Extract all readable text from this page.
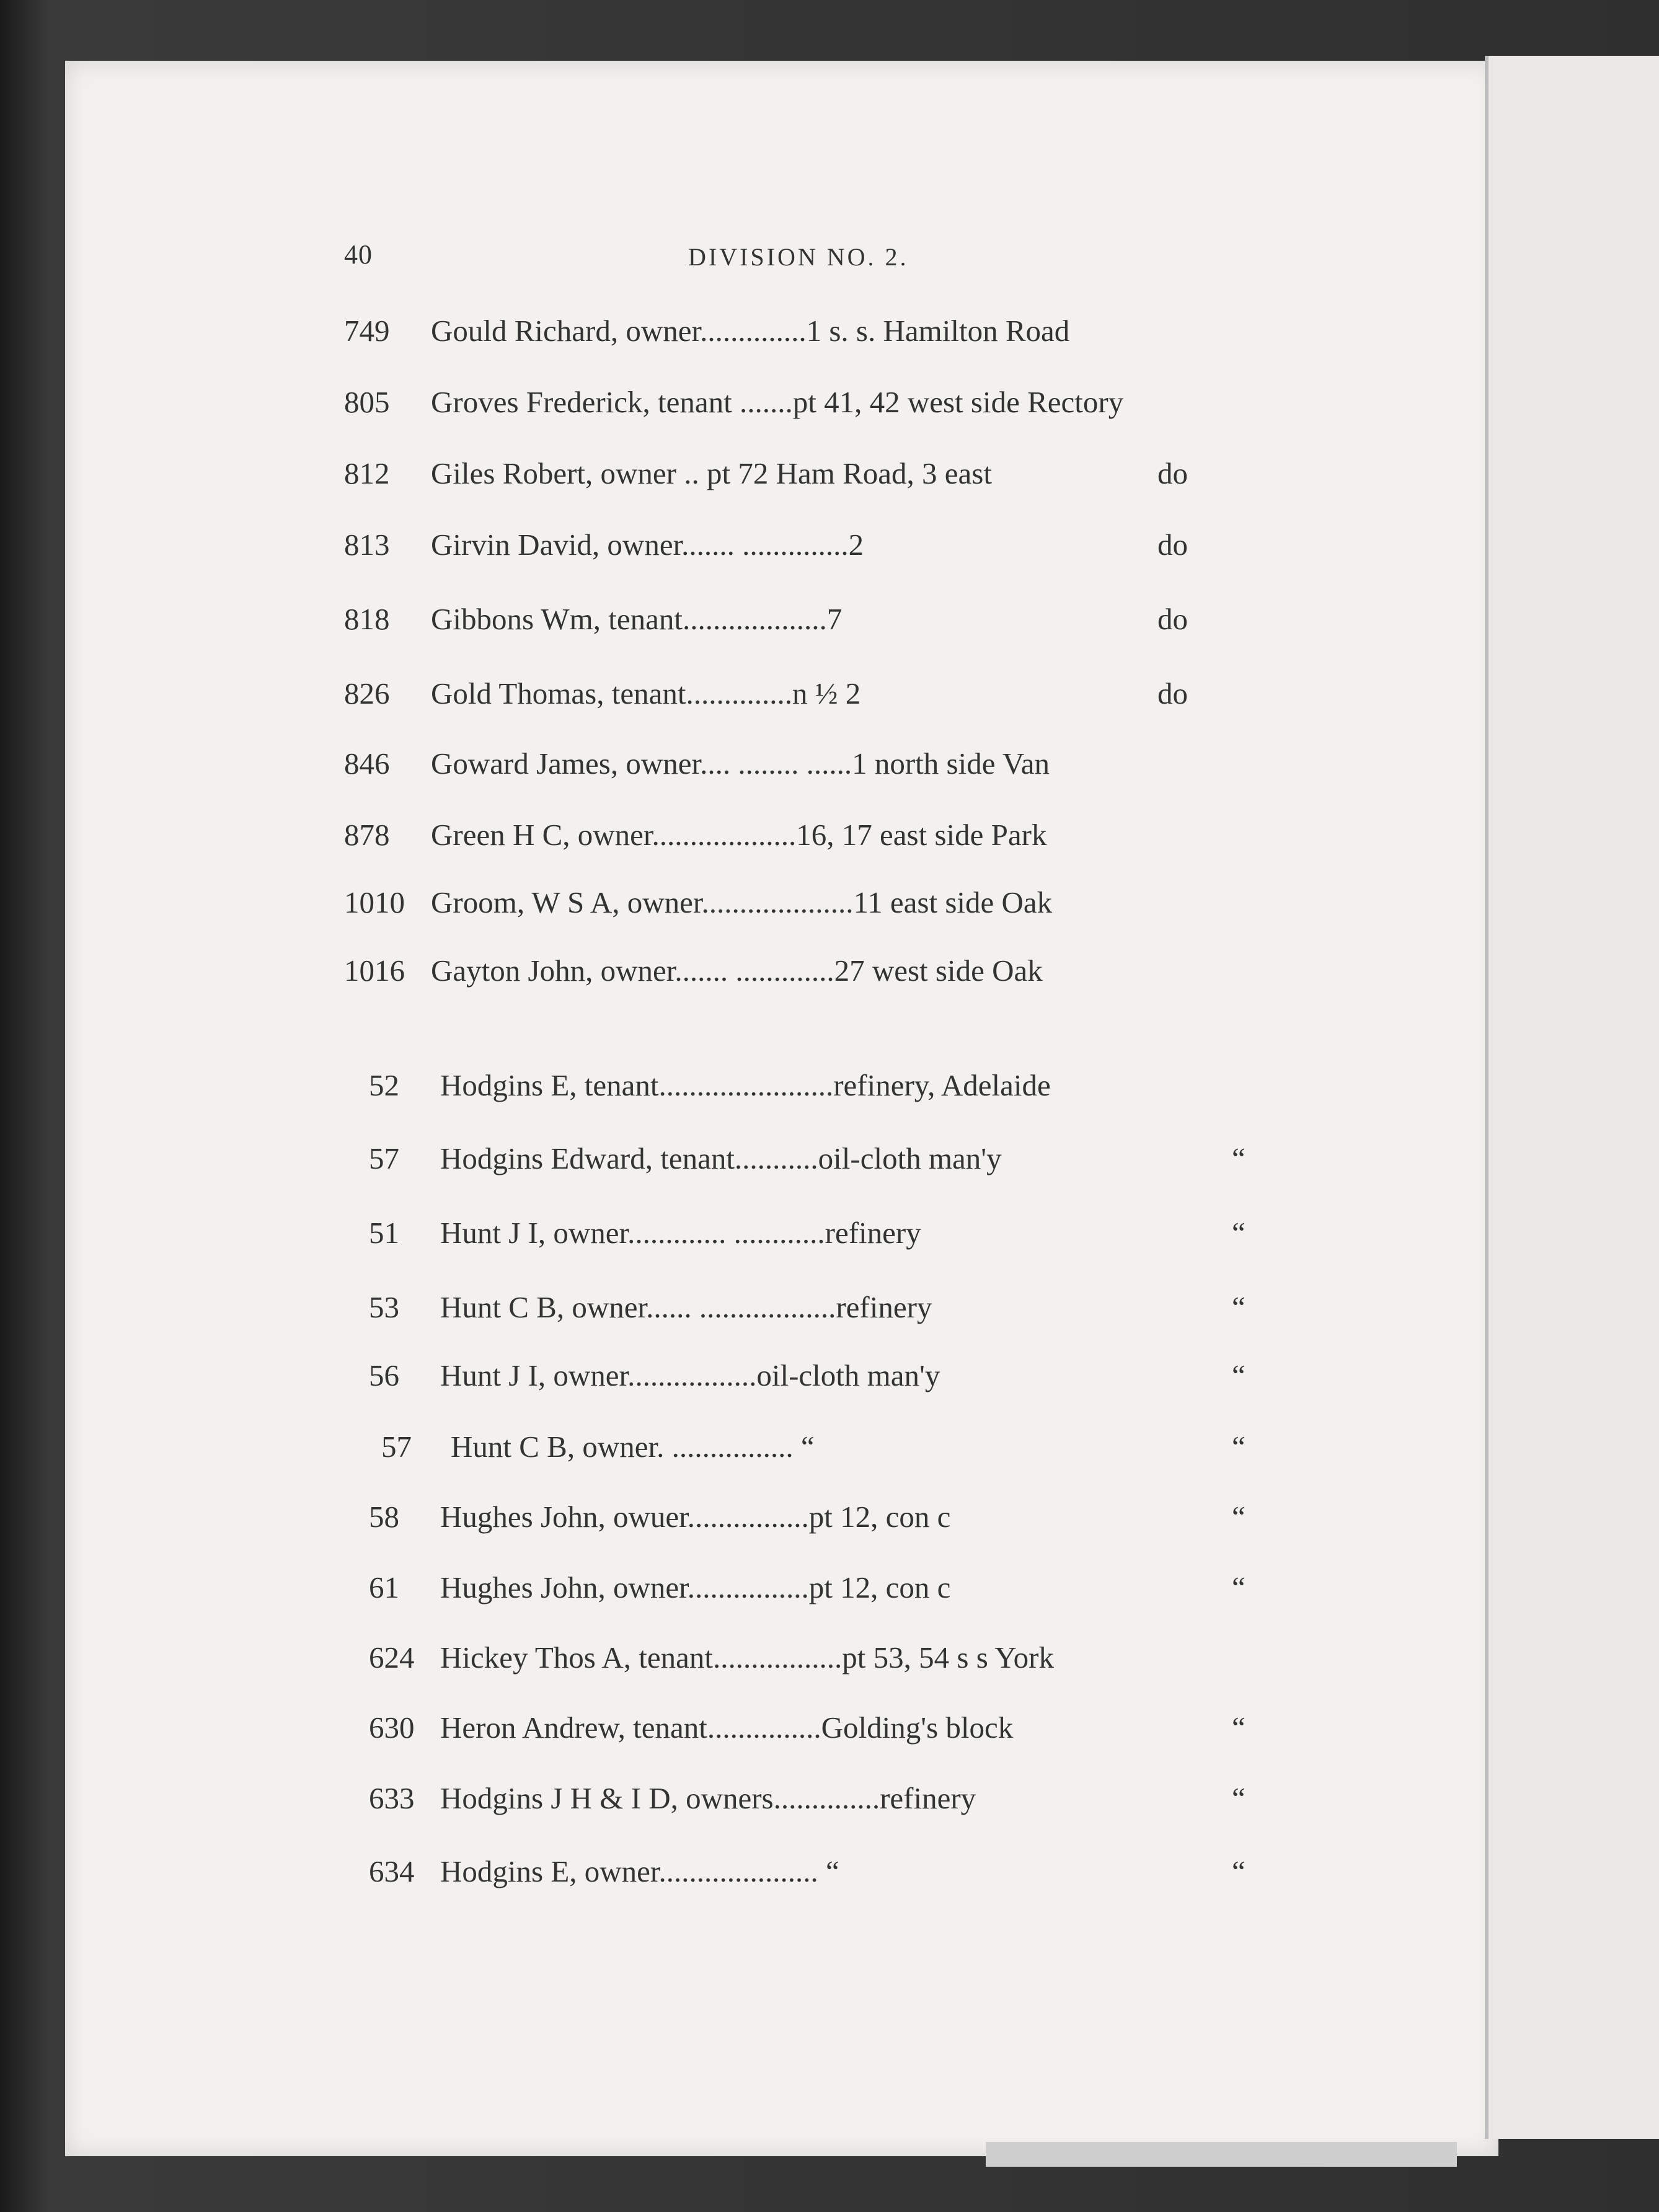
40	DIVISION NO. 2.
749	Gould Richard, owner..............1 s. s. Hamilton Road
805	Groves Frederick, tenant .......pt 41, 42 west side Rectory
812	Giles Robert, owner .. pt 72 Ham Road, 3 east	do
813	Girvin David, owner....... ..............2	do
818	Gibbons Wm, tenant...................7	do
826	Gold Thomas, tenant..............n ½ 2	do
846	Goward James, owner.... ........ ......1 north side Van
878	Green H C, owner...................16, 17 east side Park
1010 Groom, W S A, owner....................11 east side Oak
1016 Gayton John, owner....... .............27 west side Oak
52	Hodgins E, tenant.......................refinery, Adelaide
57	Hodgins Edward, tenant...........oil-cloth man'y	“
51	Hunt J I, owner............. ............refinery	“
53	Hunt C B, owner...... ..................refinery	“
56	Hunt J I, owner.................oil-cloth man'y	“
57	Hunt C B, owner. ................ “	“
58	Hughes John, owuer................pt 12, con c	“
61	Hughes John, owner................pt 12, con c	“
624 Hickey Thos A, tenant.................pt 53, 54 s s York
630 Heron Andrew, tenant...............Golding's block	“
633 Hodgins J H & I D, owners..............refinery	“
634 Hodgins E, owner..................... “	“
